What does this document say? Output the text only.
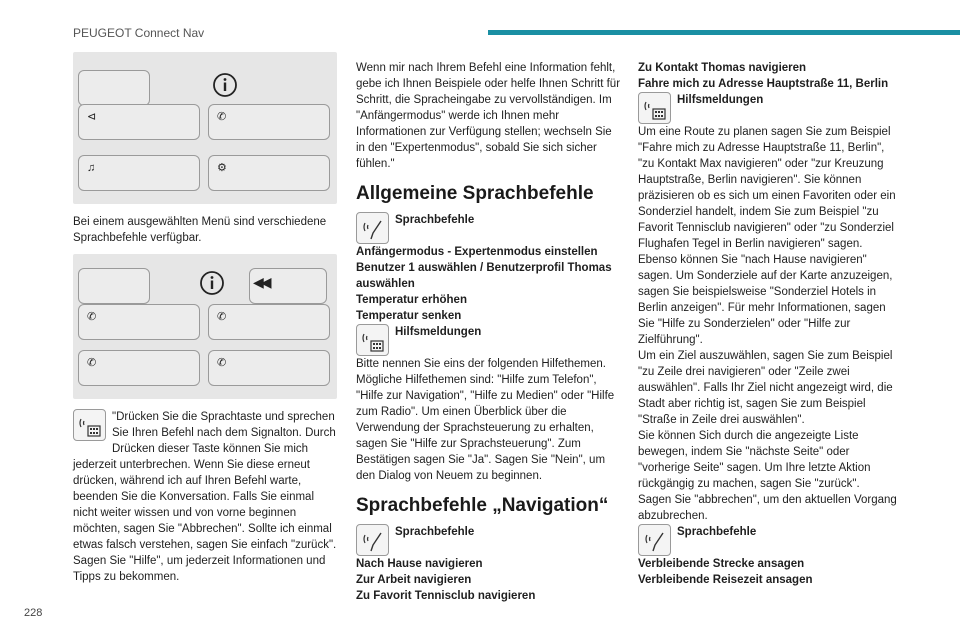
PEUGEOT Connect Nav
⊲	✆
♫	⚙

Bei einem ausgewählten Menü sind verschiedene Sprachbefehle verfügbar.

◀◀
✆	✆
✆	✆

"Drücken Sie die Sprachtaste und sprechen Sie Ihren Befehl nach dem Signalton. Durch Drücken dieser Taste können Sie mich jederzeit unterbrechen. Wenn Sie diese erneut drücken, während ich auf Ihren Befehl warte, beenden Sie die Konversation. Falls Sie einmal nicht weiter wissen und von vorne beginnen möchten, sagen Sie "Abbrechen". Sollte ich einmal etwas falsch verstehen, sagen Sie einfach "zurück". Sagen Sie "Hilfe", um jederzeit Informationen und Tipps zu bekommen.

Wenn mir nach Ihrem Befehl eine Information fehlt, gebe ich Ihnen Beispiele oder helfe Ihnen Schritt für Schritt, die Spracheingabe zu vervollständigen. Im "Anfängermodus" werde ich Ihnen mehr Informationen zur Verfügung stellen; wechseln Sie in den "Expertenmodus", sobald Sie sich sicher fühlen."

Allgemeine Sprachbefehle
Sprachbefehle

Anfängermodus - Expertenmodus einstellen

Benutzer 1 auswählen / Benutzerprofil Thomas auswählen

Temperatur erhöhen

Temperatur senken

Hilfsmeldungen

Bitte nennen Sie eins der folgenden Hilfethemen. Mögliche Hilfethemen sind: "Hilfe zum Telefon", "Hilfe zur Navigation", "Hilfe zu Medien" oder "Hilfe zum Radio". Um einen Überblick über die Verwendung der Sprachsteuerung zu erhalten, sagen Sie "Hilfe zur Sprachsteuerung". Zum Bestätigen sagen Sie "Ja". Sagen Sie "Nein", um den Dialog von Neuem zu beginnen.

Sprachbefehle „Navigation“
Sprachbefehle

Nach Hause navigieren

Zur Arbeit navigieren

Zu Favorit Tennisclub navigieren

Zu Kontakt Thomas navigieren

Fahre mich zu Adresse Hauptstraße 11, Berlin

Hilfsmeldungen

Um eine Route zu planen sagen Sie zum Beispiel "Fahre mich zu Adresse Hauptstraße 11, Berlin", "zu Kontakt Max navigieren" oder "zur Kreuzung Hauptstraße, Berlin navigieren". Sie können präzisieren ob es sich um einen Favoriten oder ein Sonderziel handelt, indem Sie zum Beispiel "zu Favorit Tennisclub navigieren" oder "zu Sonderziel Flughafen Tegel in Berlin navigieren" sagen. Ebenso können Sie "nach Hause navigieren" sagen. Um Sonderziele auf der Karte anzuzeigen, sagen Sie beispielsweise "Sonderziel Hotels in Berlin anzeigen". Für mehr Informationen, sagen Sie "Hilfe zu Sonderzielen" oder "Hilfe zur Zielführung".

Um ein Ziel auszuwählen, sagen Sie zum Beispiel "zu Zeile drei navigieren" oder "Zeile zwei auswählen". Falls Ihr Ziel nicht angezeigt wird, die Stadt aber richtig ist, sagen Sie zum Beispiel "Straße in Zeile drei auswählen".

Sie können Sich durch die angezeigte Liste bewegen, indem Sie "nächste Seite" oder "vorherige Seite" sagen. Um Ihre letzte Aktion rückgängig zu machen, sagen Sie "zurück".

Sagen Sie "abbrechen", um den aktuellen Vorgang abzubrechen.

Sprachbefehle

Verbleibende Strecke ansagen

Verbleibende Reisezeit ansagen

228
